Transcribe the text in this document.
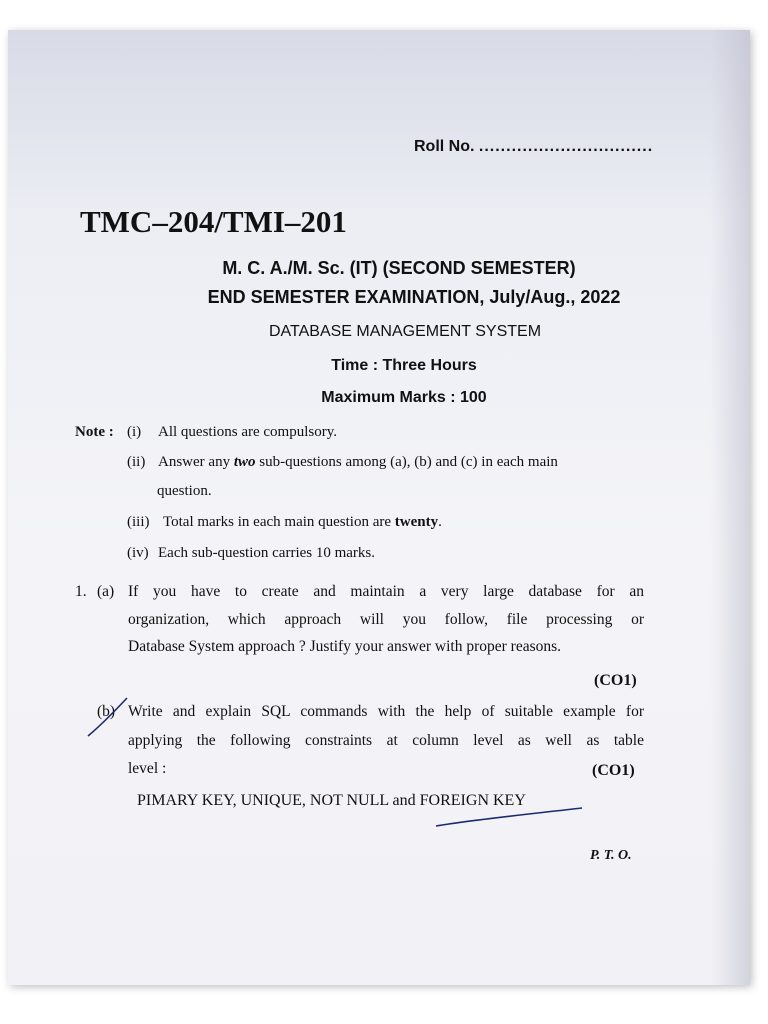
Roll No. ................................
TMC–204/TMI–201
M. C. A./M. Sc. (IT) (SECOND SEMESTER)
END SEMESTER EXAMINATION, July/Aug., 2022
DATABASE MANAGEMENT SYSTEM
Time : Three Hours
Maximum Marks : 100
Note : (i) All questions are compulsory.
(ii) Answer any two sub-questions among (a), (b) and (c) in each main
question.
(iii) Total marks in each main question are twenty.
(iv) Each sub-question carries 10 marks.
1. (a) If you have to create and maintain a very large database for an
organization, which approach will you follow, file processing or
Database System approach ? Justify your answer with proper reasons.
(CO1)
(b) Write and explain SQL commands with the help of suitable example for
applying the following constraints at column level as well as table
level :	(CO1)
PIMARY KEY, UNIQUE, NOT NULL and FOREIGN KEY
P. T. O.
